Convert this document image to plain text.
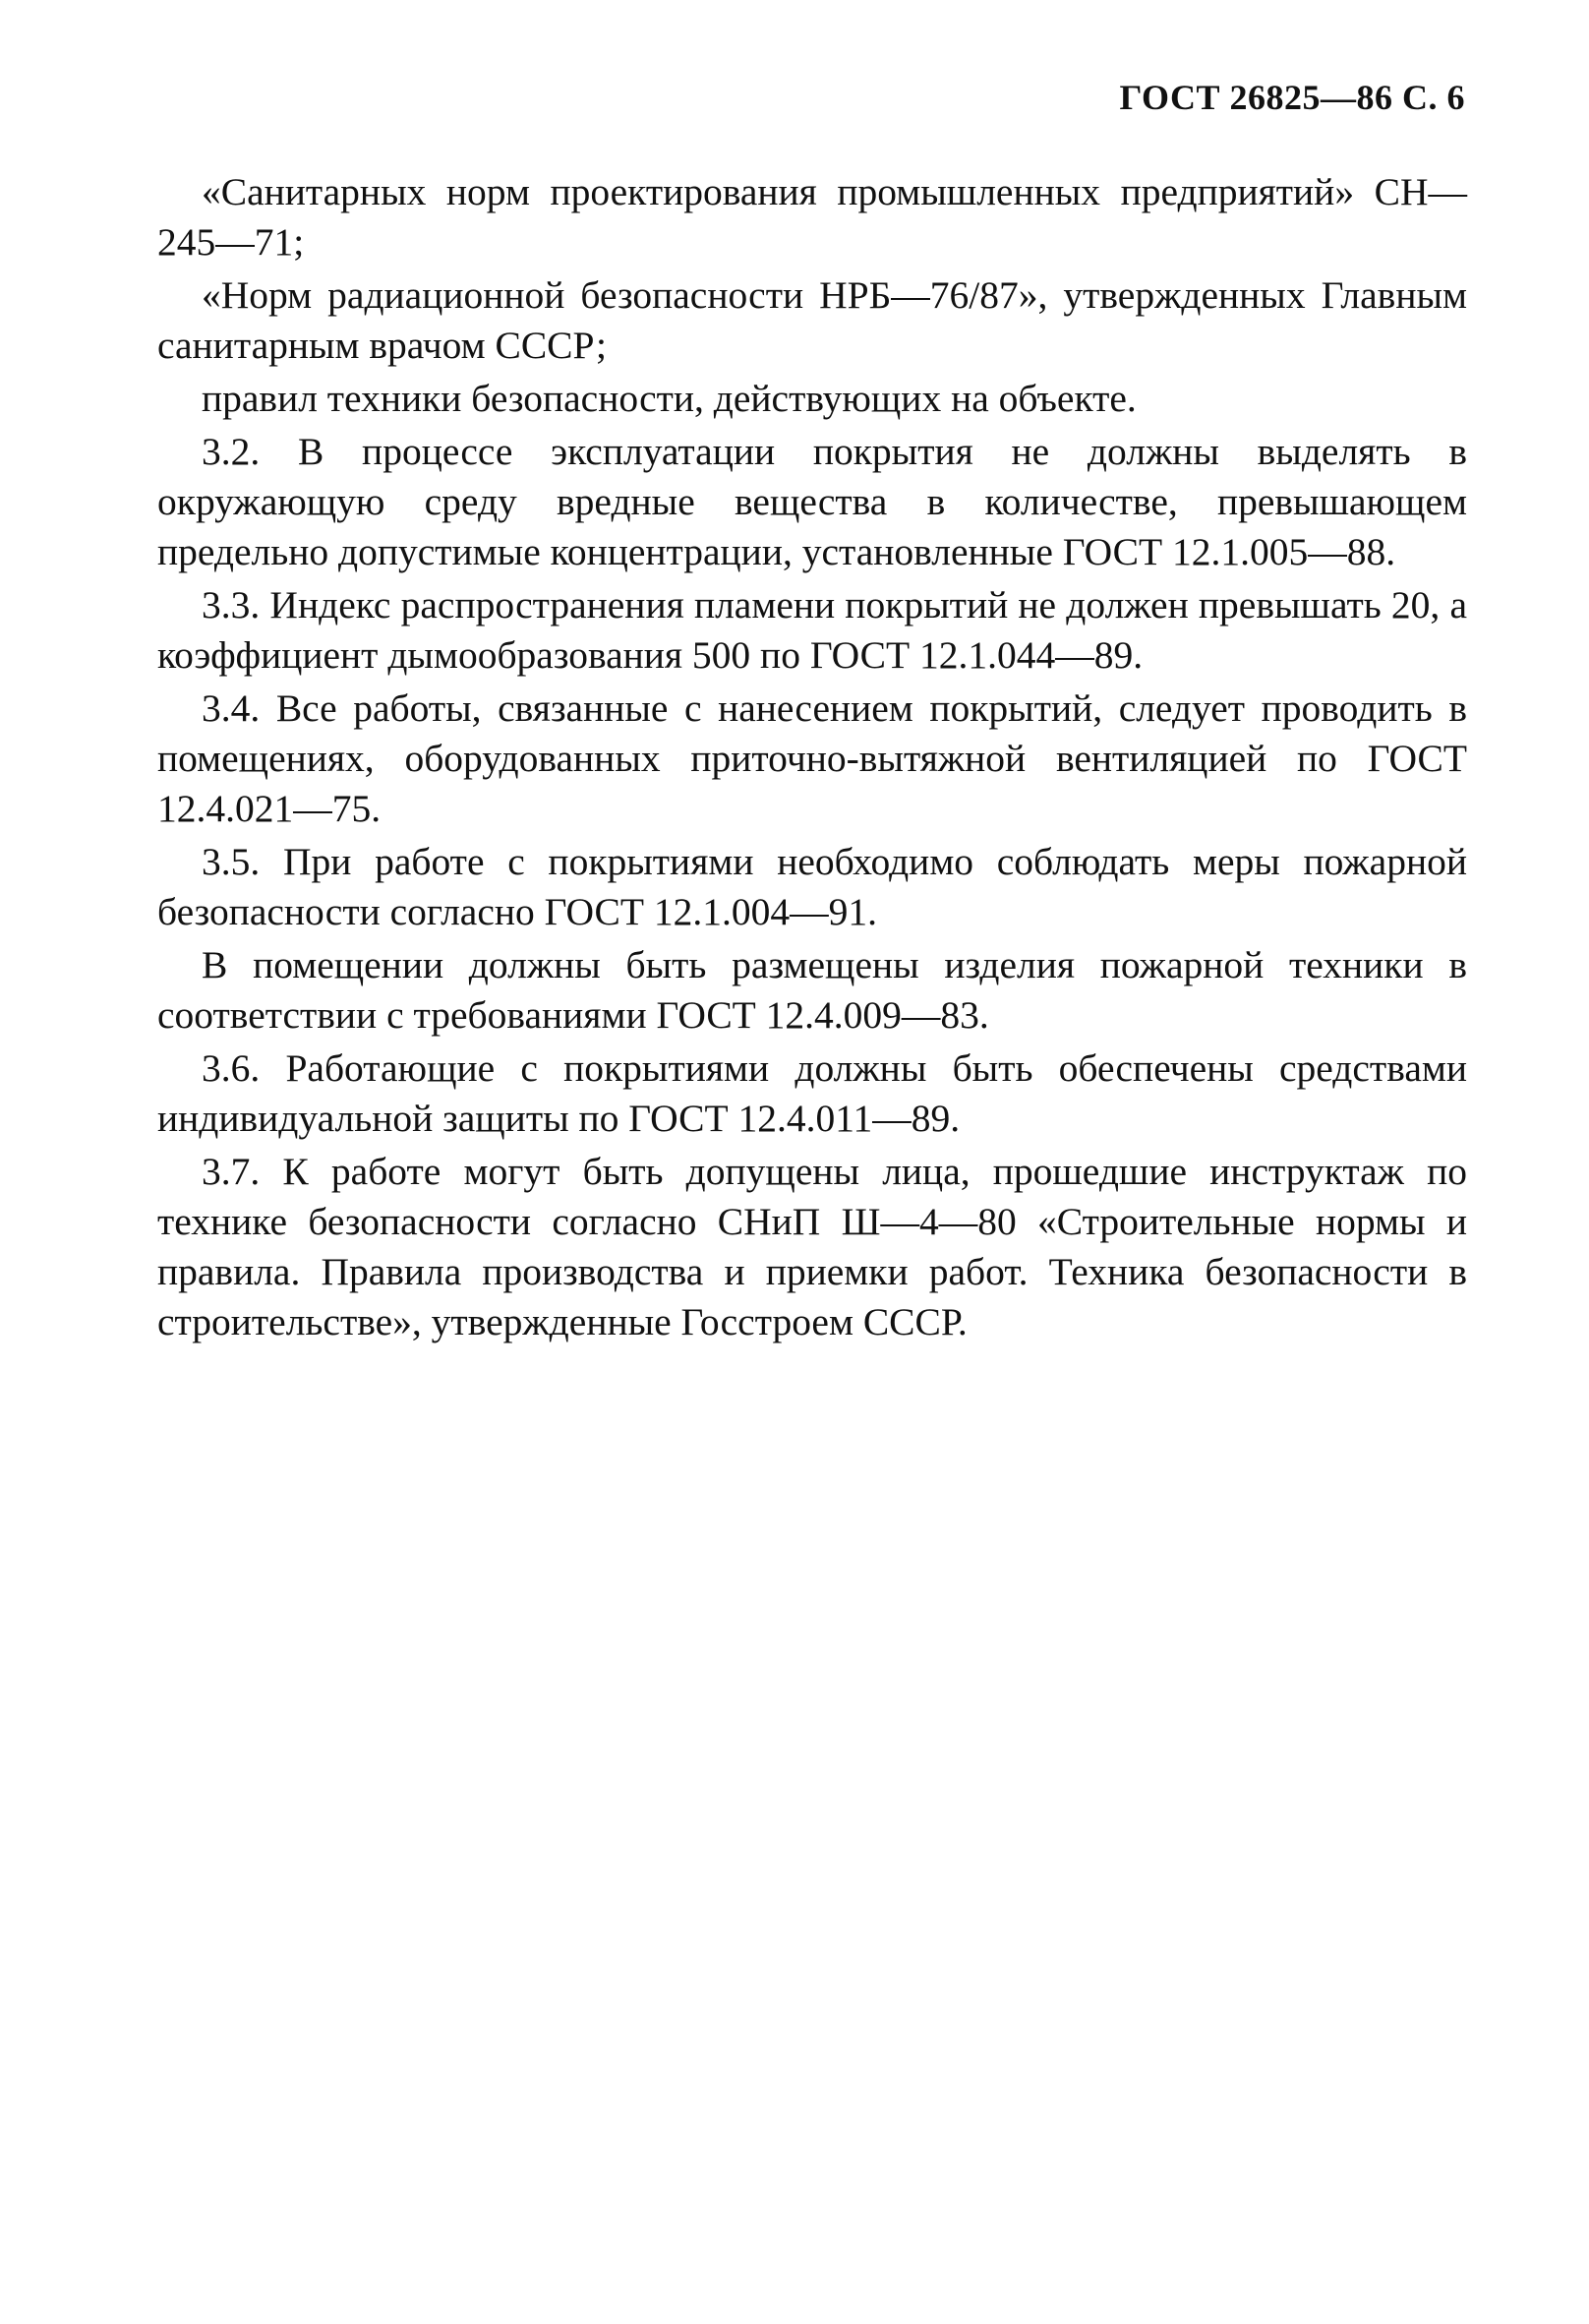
ГОСТ 26825—86 С. 6

«Санитарных норм проектирования промышленных предприятий» СН—245—71;

«Норм радиационной безопасности НРБ—76/87», утвержденных Главным санитарным врачом СССР;

правил техники безопасности, действующих на объекте.

3.2. В процессе эксплуатации покрытия не должны выделять в окружающую среду вредные вещества в количестве, превышающем предельно допустимые концентрации, установленные ГОСТ 12.1.005—88.

3.3. Индекс распространения пламени покрытий не должен превышать 20, а коэффициент дымообразования 500 по ГОСТ 12.1.044—89.

3.4. Все работы, связанные с нанесением покрытий, следует проводить в помещениях, оборудованных приточно-вытяжной вентиляцией по ГОСТ 12.4.021—75.

3.5. При работе с покрытиями необходимо соблюдать меры пожарной безопасности согласно ГОСТ 12.1.004—91.

В помещении должны быть размещены изделия пожарной техники в соответствии с требованиями ГОСТ 12.4.009—83.

3.6. Работающие с покрытиями должны быть обеспечены средствами индивидуальной защиты по ГОСТ 12.4.011—89.

3.7. К работе могут быть допущены лица, прошедшие инструктаж по технике безопасности согласно СНиП Ш—4—80 «Строительные нормы и правила. Правила производства и приемки работ. Техника безопасности в строительстве», утвержденные Госстроем СССР.
